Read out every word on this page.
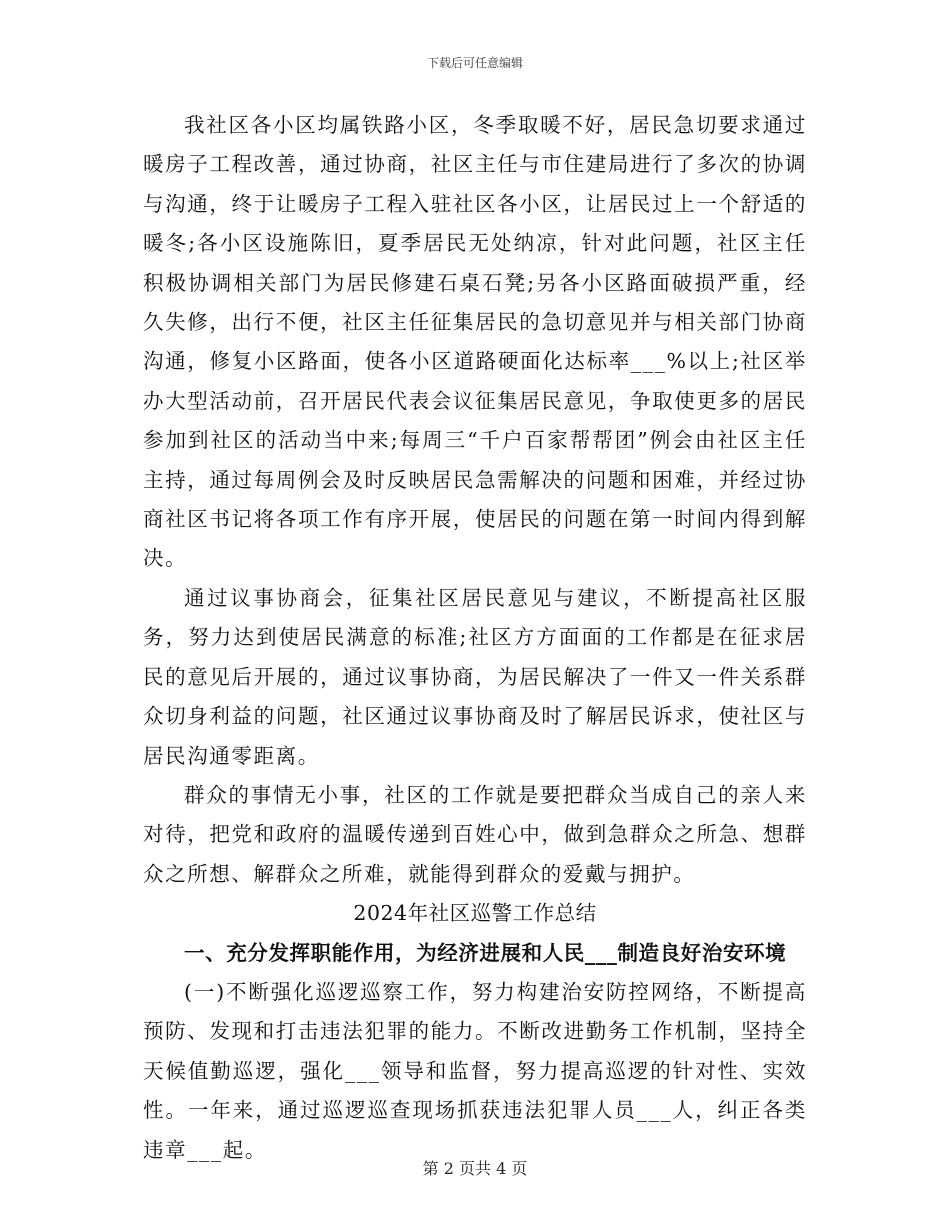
下载后可任意编辑

我社区各小区均属铁路小区，冬季取暖不好，居民急切要求通过暖房子工程改善，通过协商，社区主任与市住建局进行了多次的协调与沟通，终于让暖房子工程入驻社区各小区，让居民过上一个舒适的暖冬;各小区设施陈旧，夏季居民无处纳凉，针对此问题，社区主任积极协调相关部门为居民修建石桌石凳;另各小区路面破损严重，经久失修，出行不便，社区主任征集居民的急切意见并与相关部门协商沟通，修复小区路面，使各小区道路硬面化达标率___%以上;社区举办大型活动前，召开居民代表会议征集居民意见，争取使更多的居民参加到社区的活动当中来;每周三“千户百家帮帮团”例会由社区主任主持，通过每周例会及时反映居民急需解决的问题和困难，并经过协商社区书记将各项工作有序开展，使居民的问题在第一时间内得到解决。

通过议事协商会，征集社区居民意见与建议，不断提高社区服务，努力达到使居民满意的标准;社区方方面面的工作都是在征求居民的意见后开展的，通过议事协商，为居民解决了一件又一件关系群众切身利益的问题，社区通过议事协商及时了解居民诉求，使社区与居民沟通零距离。

群众的事情无小事，社区的工作就是要把群众当成自己的亲人来对待，把党和政府的温暖传递到百姓心中，做到急群众之所急、想群众之所想、解群众之所难，就能得到群众的爱戴与拥护。

2024年社区巡警工作总结

一、充分发挥职能作用，为经济进展和人民___制造良好治安环境

(一)不断强化巡逻巡察工作，努力构建治安防控网络，不断提高预防、发现和打击违法犯罪的能力。不断改进勤务工作机制，坚持全天候值勤巡逻，强化___领导和监督，努力提高巡逻的针对性、实效性。一年来，通过巡逻巡查现场抓获违法犯罪人员___人，纠正各类违章___起。

第 2 页共 4 页
